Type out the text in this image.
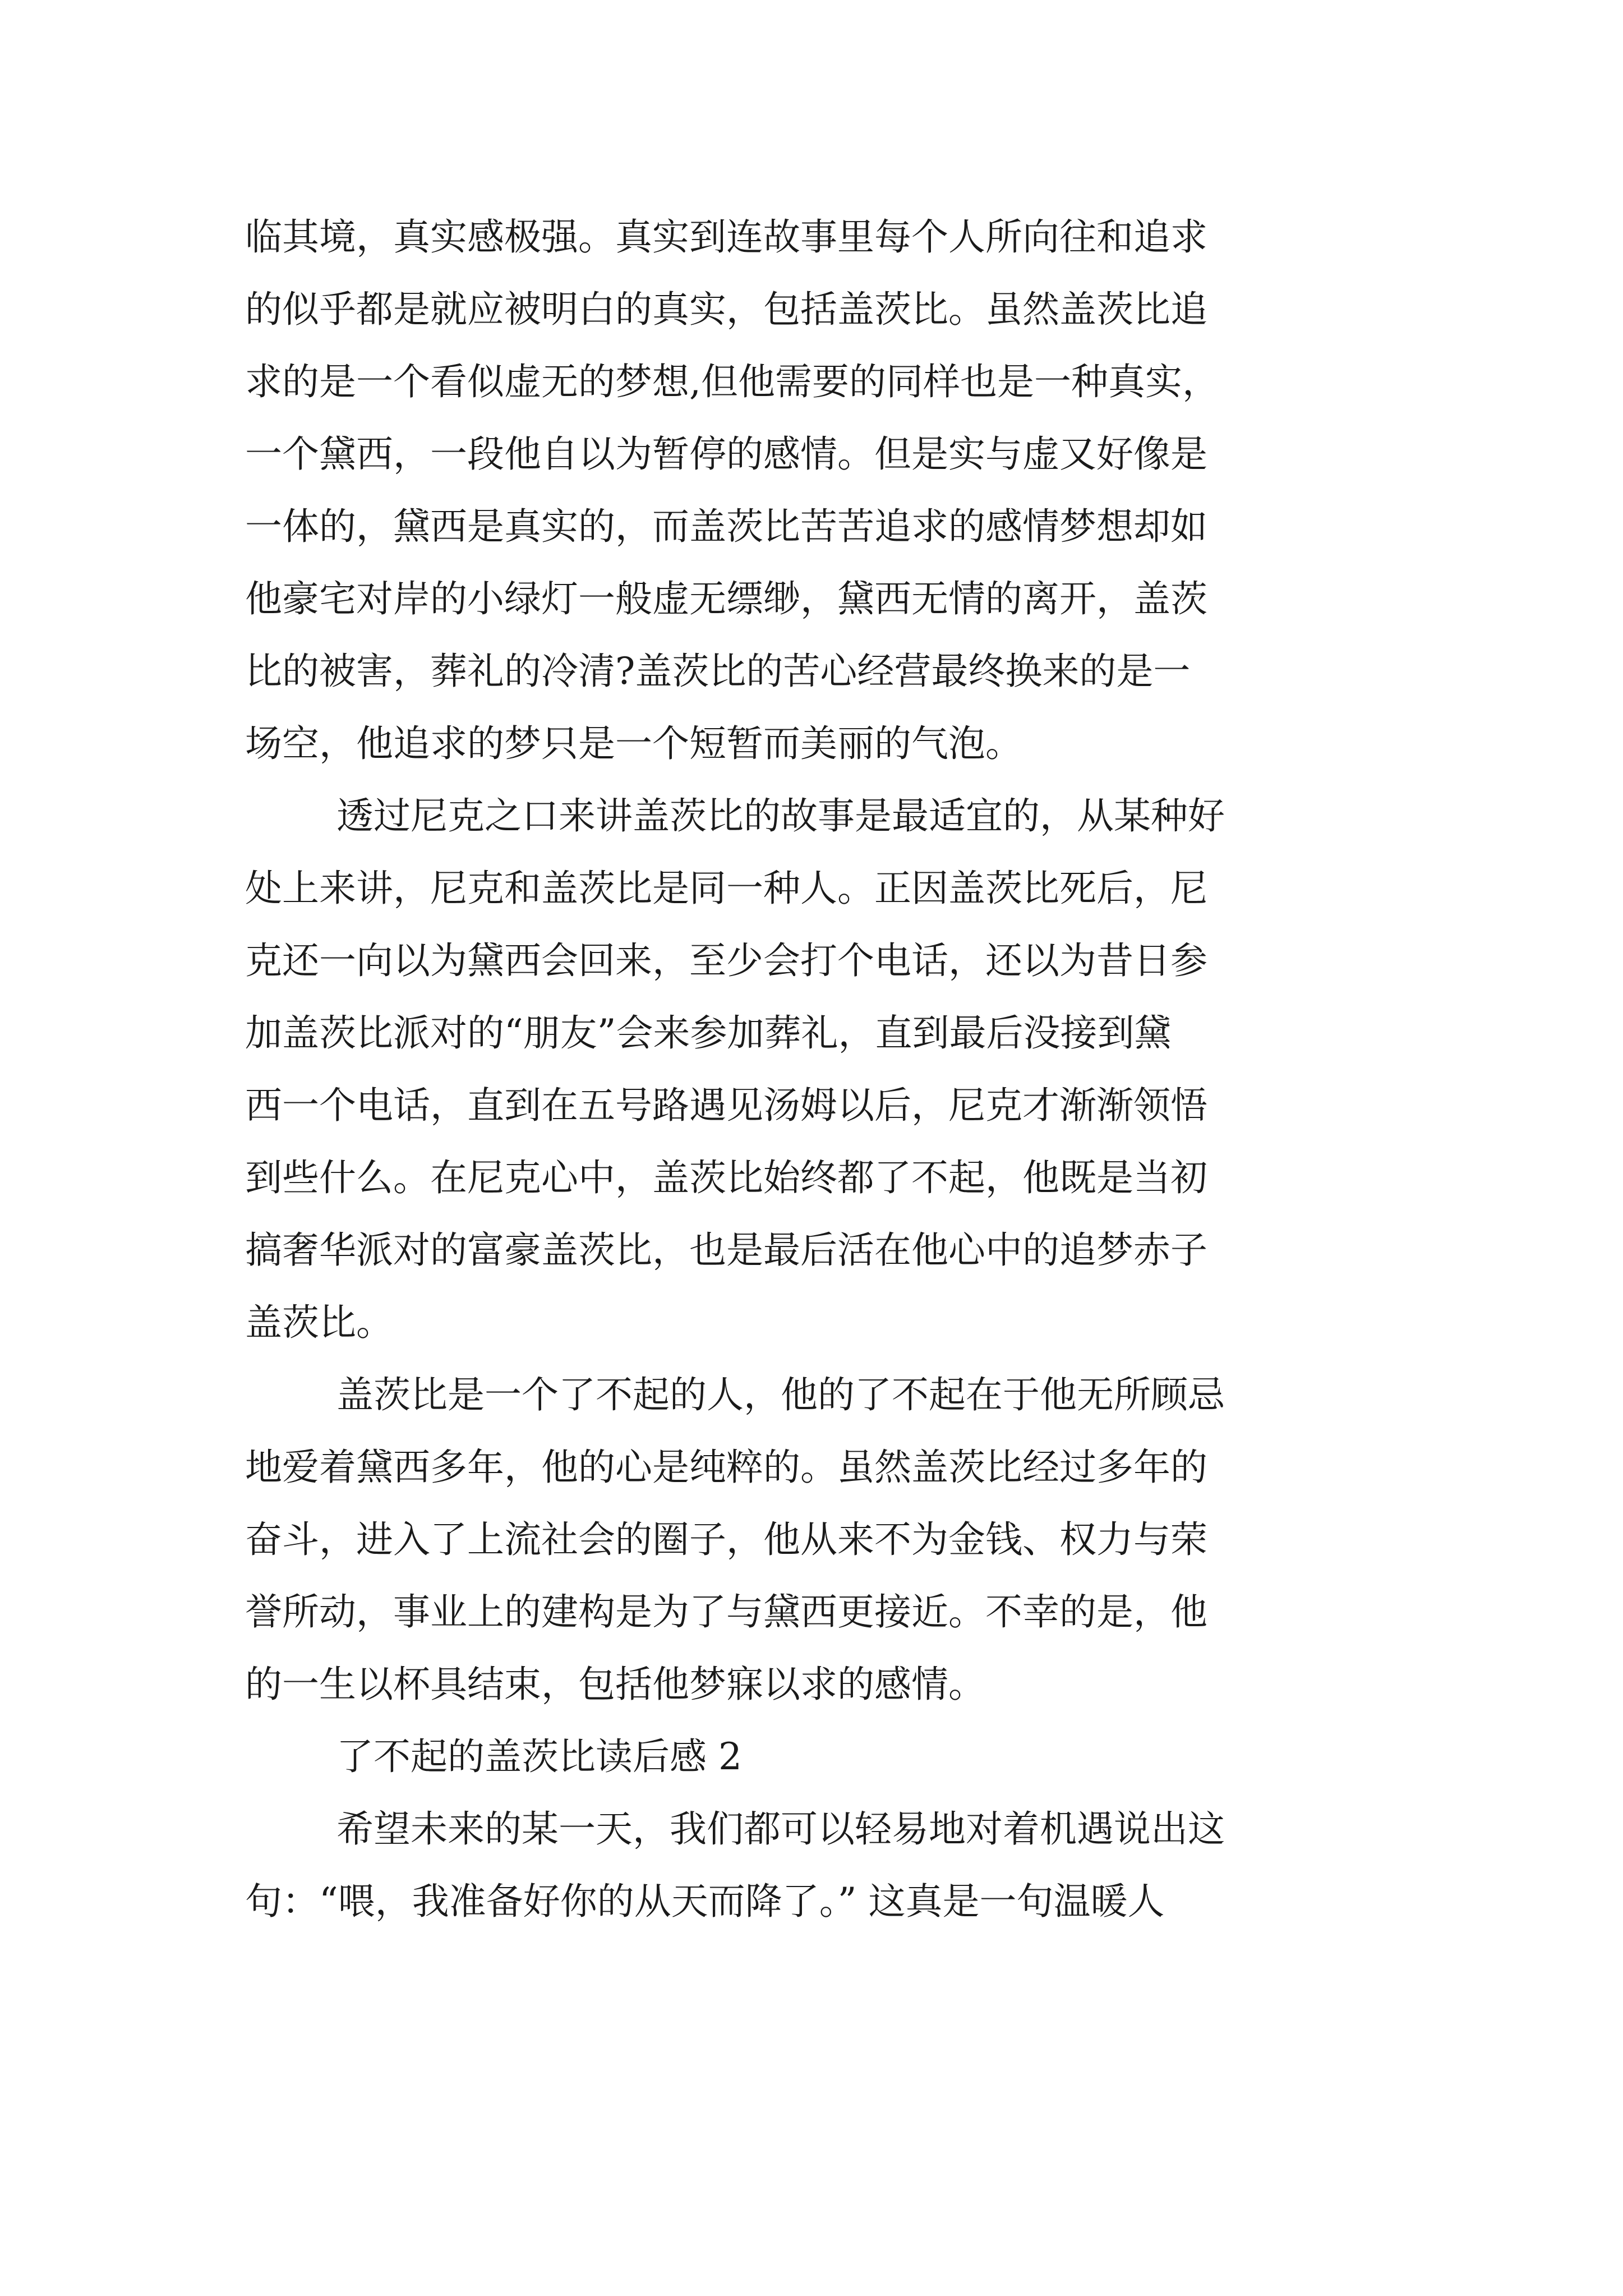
临其境，真实感极强。真实到连故事里每个人所向往和追求

的似乎都是就应被明白的真实，包括盖茨比。虽然盖茨比追

求的是一个看似虚无的梦想,但他需要的同样也是一种真实，

一个黛西，一段他自以为暂停的感情。但是实与虚又好像是

一体的，黛西是真实的，而盖茨比苦苦追求的感情梦想却如

他豪宅对岸的小绿灯一般虚无缥缈，黛西无情的离开，盖茨

比的被害，葬礼的冷清?盖茨比的苦心经营最终换来的是一

场空，他追求的梦只是一个短暂而美丽的气泡。

透过尼克之口来讲盖茨比的故事是最适宜的，从某种好

处上来讲，尼克和盖茨比是同一种人。正因盖茨比死后，尼

克还一向以为黛西会回来，至少会打个电话，还以为昔日参

加盖茨比派对的“朋友”会来参加葬礼，直到最后没接到黛

西一个电话，直到在五号路遇见汤姆以后，尼克才渐渐领悟

到些什么。在尼克心中，盖茨比始终都了不起，他既是当初

搞奢华派对的富豪盖茨比，也是最后活在他心中的追梦赤子

盖茨比。

盖茨比是一个了不起的人，他的了不起在于他无所顾忌

地爱着黛西多年，他的心是纯粹的。虽然盖茨比经过多年的

奋斗，进入了上流社会的圈子，他从来不为金钱、权力与荣

誉所动，事业上的建构是为了与黛西更接近。不幸的是，他

的一生以杯具结束，包括他梦寐以求的感情。

了不起的盖茨比读后感 2

希望未来的某一天，我们都可以轻易地对着机遇说出这

句：“喂，我准备好你的从天而降了。” 这真是一句温暖人
